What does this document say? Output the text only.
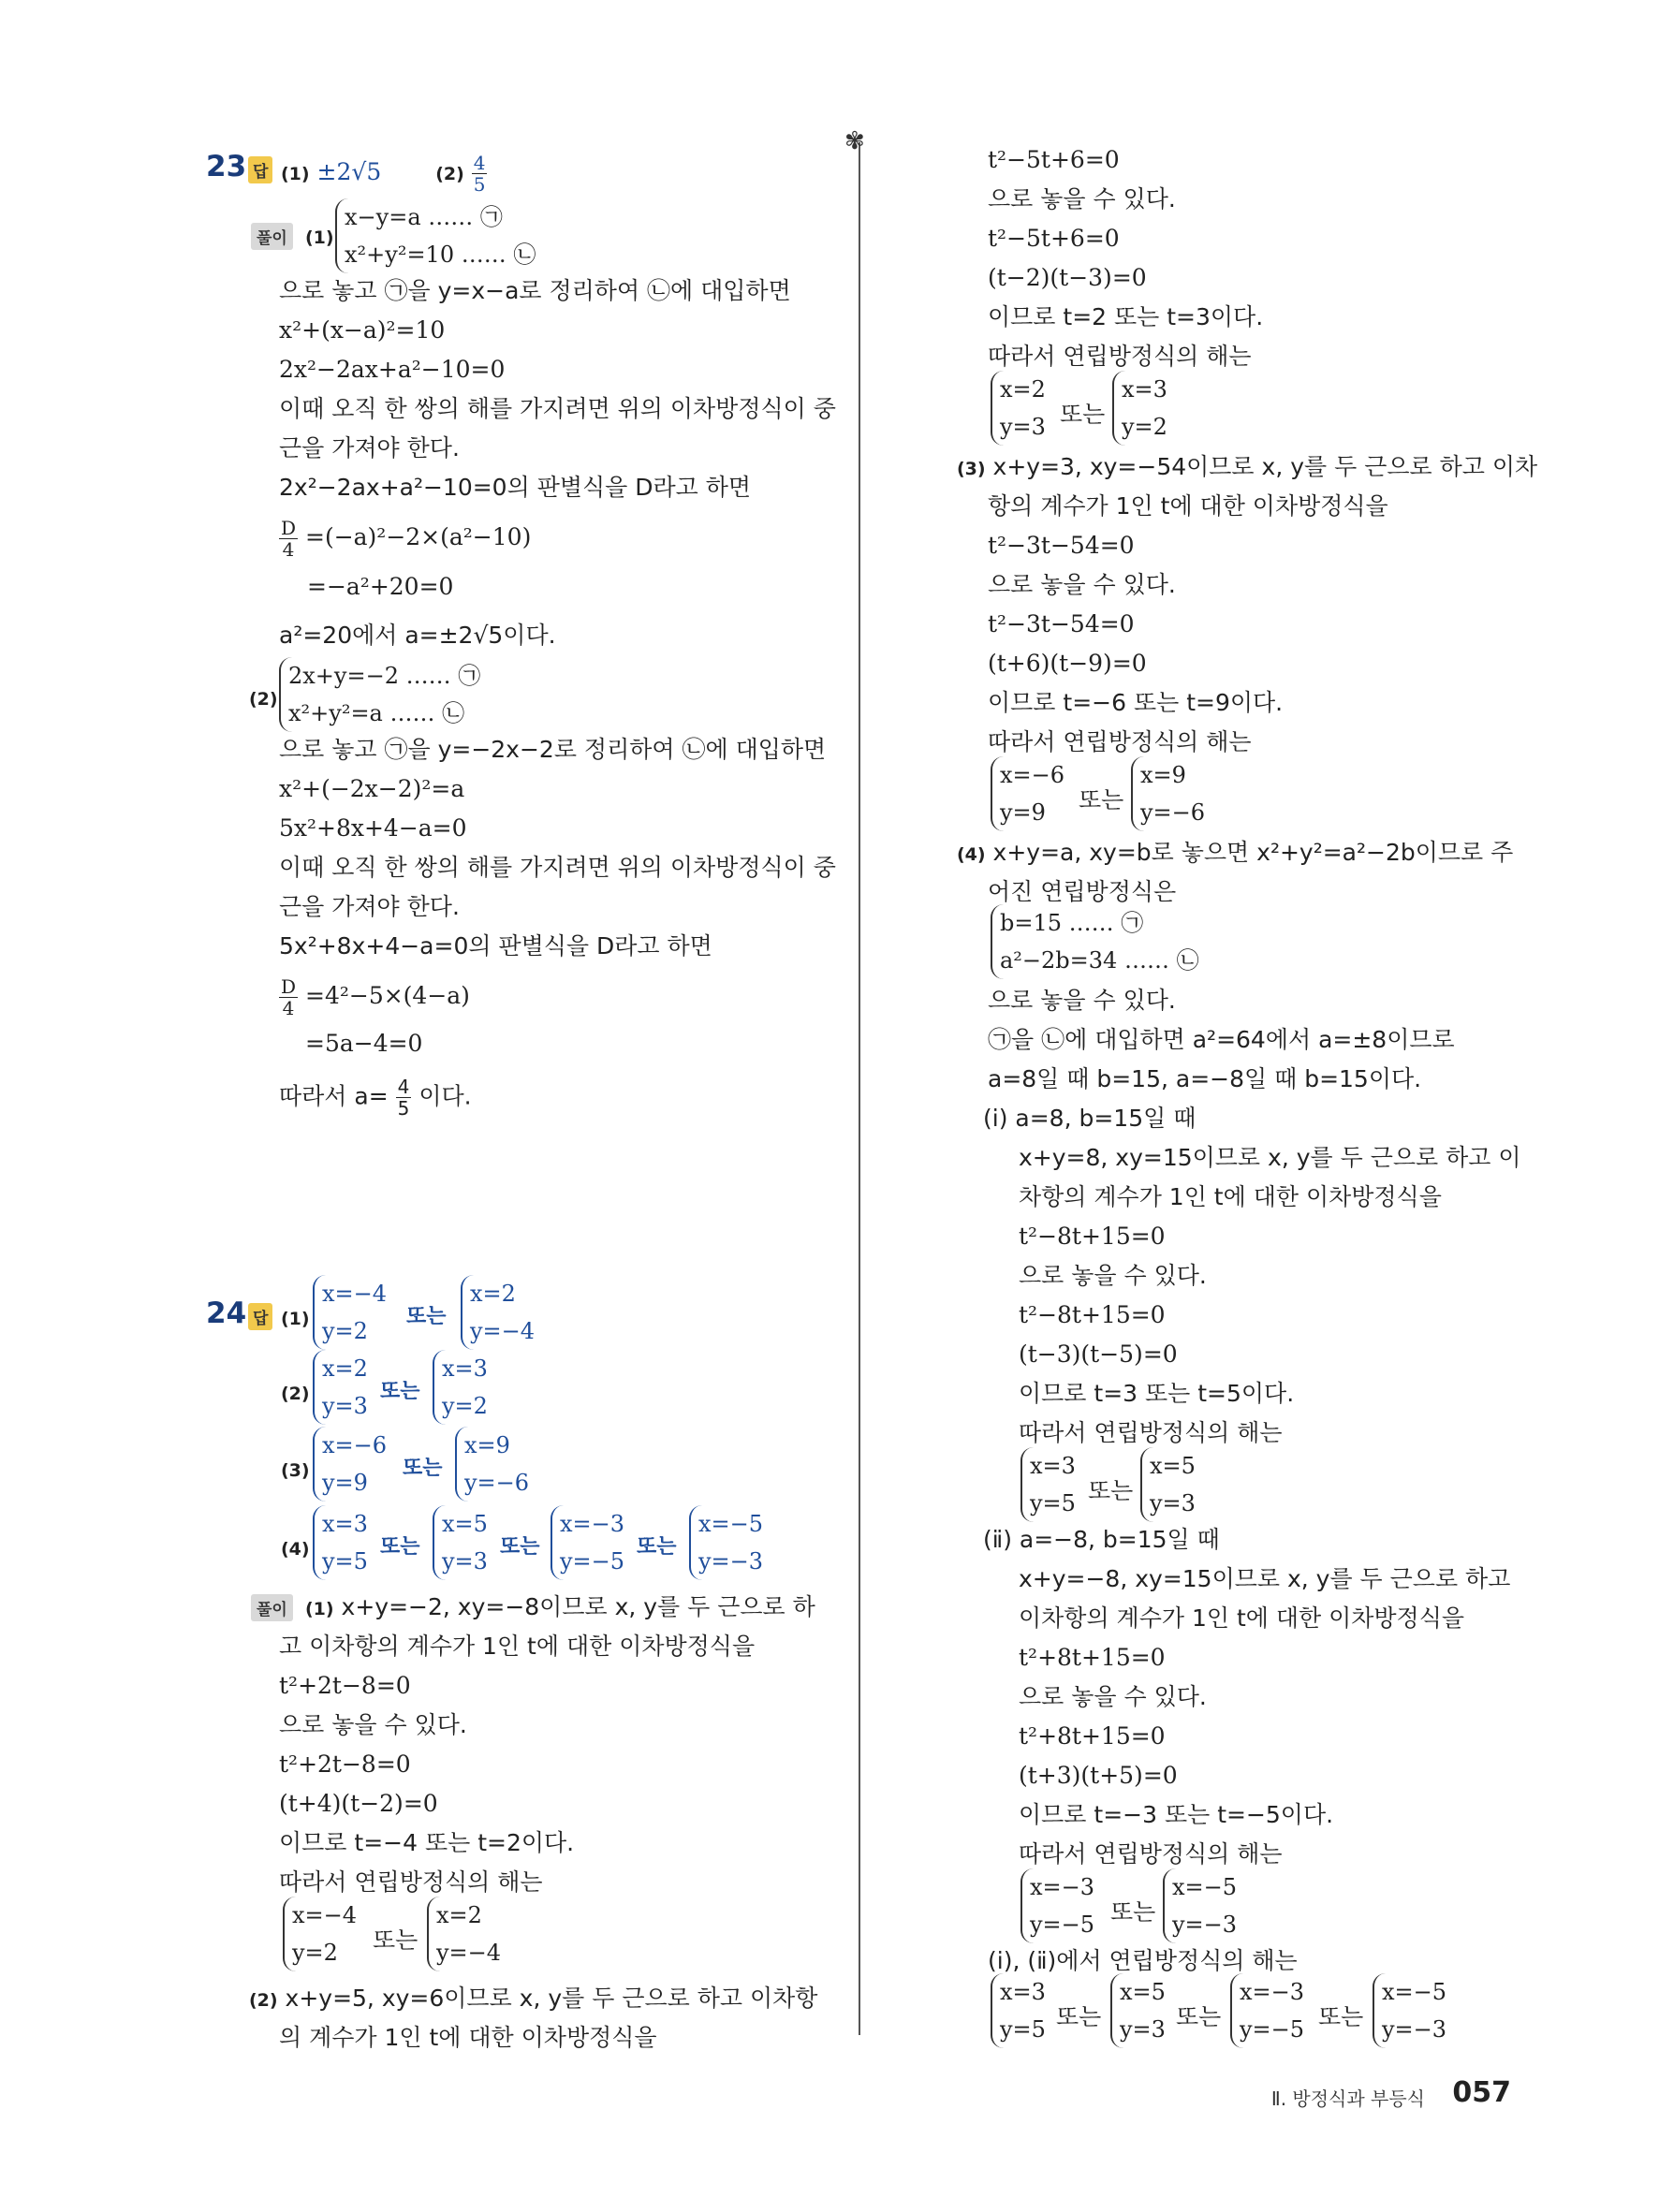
✾
23 답 (1) ±2√5	$(2) \frac{4}{5}$
풀이	(1)
x−y=a …… ㉠
x²+y²=10 …… ㉡
으로 놓고 ㉠을 y=x−a로 정리하여 ㉡에 대입하면
x²+(x−a)²=10
2x²−2ax+a²−10=0
이때 오직 한 쌍의 해를 가지려면 위의 이차방정식이 중
근을 가져야 한다.
2x²−2ax+a²−10=0의 판별식을 D라고 하면
$\frac{D}{4} =(-a)^2-2\times(a^2-10)$
=−a²+20=0
a²=20에서 a=±2√5이다.
(2)
2x+y=−2 …… ㉠
x²+y²=a …… ㉡
으로 놓고 ㉠을 y=−2x−2로 정리하여 ㉡에 대입하면
x²+(−2x−2)²=a
5x²+8x+4−a=0
이때 오직 한 쌍의 해를 가지려면 위의 이차방정식이 중
근을 가져야 한다.
5x²+8x+4−a=0의 판별식을 D라고 하면
$\frac{D}{4} =4^2-5\times(4-a)$
=5a−4=0
따라서 $a= \frac{4}{5}$ 이다.
24 답 (1)
x=−4
y=2
또는
x=2
y=−4
(2)
x=2
y=3
또는
x=3
y=2
(3)
x=−6
y=9
또는
x=9
y=−6
(4)
x=3
y=5
또는
x=5
y=3
또는
x=−3
y=−5
또는
x=−5
y=−3
풀이	(1) x+y=−2, xy=−8이므로 x, y를 두 근으로 하
고 이차항의 계수가 1인 t에 대한 이차방정식을
t²+2t−8=0
으로 놓을 수 있다.
t²+2t−8=0
(t+4)(t−2)=0
이므로 t=−4 또는 t=2이다.
따라서 연립방정식의 해는
x=−4
y=2	또는
x=2
y=−4
(2) x+y=5, xy=6이므로 x, y를 두 근으로 하고 이차항
의 계수가 1인 t에 대한 이차방정식을
t²−5t+6=0
으로 놓을 수 있다.
t²−5t+6=0
(t−2)(t−3)=0
이므로 t=2 또는 t=3이다.
따라서 연립방정식의 해는
x=2
y=3 또는
x=3
y=2
(3) x+y=3, xy=−54이므로 x, y를 두 근으로 하고 이차
항의 계수가 1인 t에 대한 이차방정식을
t²−3t−54=0
으로 놓을 수 있다.
t²−3t−54=0
(t+6)(t−9)=0
이므로 t=−6 또는 t=9이다.
따라서 연립방정식의 해는
x=−6
y=9	또는
x=9
y=−6
(4) x+y=a, xy=b로 놓으면 x²+y²=a²−2b이므로 주
어진 연립방정식은
b=15 …… ㉠
a²−2b=34 …… ㉡
으로 놓을 수 있다.
㉠을 ㉡에 대입하면 a²=64에서 a=±8이므로
a=8일 때 b=15, a=−8일 때 b=15이다.
(ⅰ) a=8, b=15일 때
x+y=8, xy=15이므로 x, y를 두 근으로 하고 이
차항의 계수가 1인 t에 대한 이차방정식을
t²−8t+15=0
으로 놓을 수 있다.
t²−8t+15=0
(t−3)(t−5)=0
이므로 t=3 또는 t=5이다.
따라서 연립방정식의 해는
x=3
y=5 또는
x=5
y=3
(ⅱ) a=−8, b=15일 때
x+y=−8, xy=15이므로 x, y를 두 근으로 하고
이차항의 계수가 1인 t에 대한 이차방정식을
t²+8t+15=0
으로 놓을 수 있다.
t²+8t+15=0
(t+3)(t+5)=0
이므로 t=−3 또는 t=−5이다.
따라서 연립방정식의 해는
x=−3
y=−5 또는
x=−5
y=−3
(ⅰ), (ⅱ)에서 연립방정식의 해는
x=3
y=5 또는
x=5
y=3 또는
x=−3
y=−5 또는
x=−5
y=−3
Ⅱ. 방정식과 부등식 057
